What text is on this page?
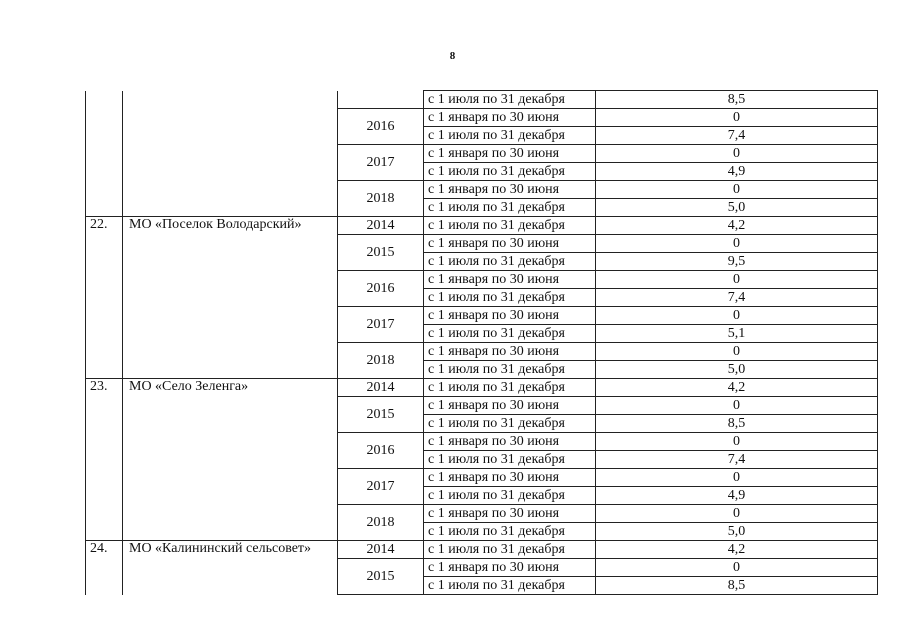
8
			с 1 июля по 31 декабря	8,5
		2016	с 1 января по 30 июня	0
			с 1 июля по 31 декабря	7,4
		2017	с 1 января по 30 июня	0
			с 1 июля по 31 декабря	4,9
		2018	с 1 января по 30 июня	0
			с 1 июля по 31 декабря	5,0
22.	МО «Поселок Володарский»	2014	с 1 июля по 31 декабря	4,2
		2015	с 1 января по 30 июня	0
			с 1 июля по 31 декабря	9,5
		2016	с 1 января по 30 июня	0
			с 1 июля по 31 декабря	7,4
		2017	с 1 января по 30 июня	0
			с 1 июля по 31 декабря	5,1
		2018	с 1 января по 30 июня	0
			с 1 июля по 31 декабря	5,0
23.	МО «Село Зеленга»	2014	с 1 июля по 31 декабря	4,2
		2015	с 1 января по 30 июня	0
			с 1 июля по 31 декабря	8,5
		2016	с 1 января по 30 июня	0
			с 1 июля по 31 декабря	7,4
		2017	с 1 января по 30 июня	0
			с 1 июля по 31 декабря	4,9
		2018	с 1 января по 30 июня	0
			с 1 июля по 31 декабря	5,0
24.	МО «Калининский сельсовет»	2014	с 1 июля по 31 декабря	4,2
		2015	с 1 января по 30 июня	0
			с 1 июля по 31 декабря	8,5
